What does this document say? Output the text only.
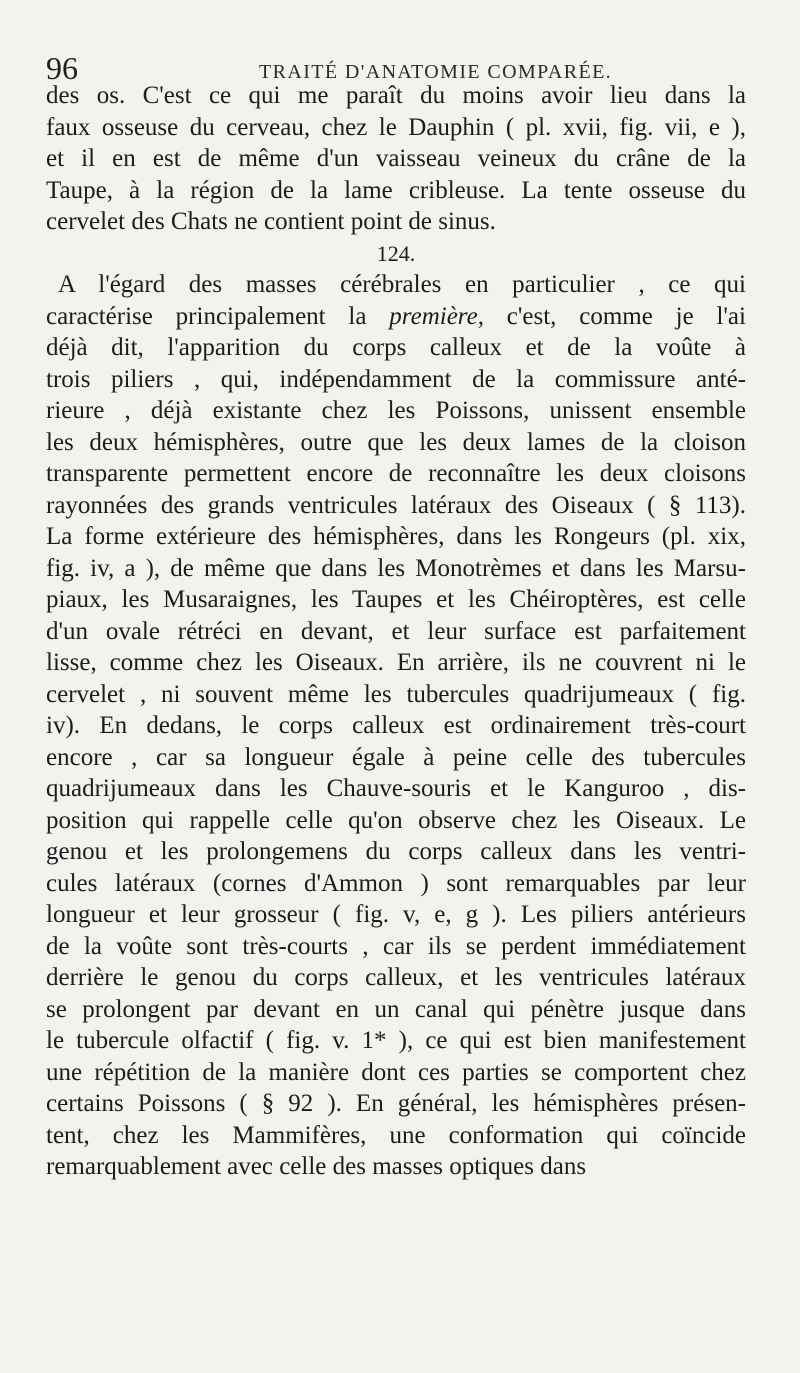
96	TRAITÉ D'ANATOMIE COMPARÉE.
des os. C'est ce qui me paraît du moins avoir lieu dans la
faux osseuse du cerveau, chez le Dauphin ( pl. xvii, fig. vii, e ),
et il en est de même d'un vaisseau veineux du crâne de la
Taupe, à la région de la lame cribleuse. La tente osseuse du
cervelet des Chats ne contient point de sinus.
124.
A l'égard des masses cérébrales en particulier , ce qui
caractérise principalement la première, c'est, comme je l'ai
déjà dit, l'apparition du corps calleux et de la voûte à
trois piliers , qui, indépendamment de la commissure anté-
rieure , déjà existante chez les Poissons, unissent ensemble
les deux hémisphères, outre que les deux lames de la cloison
transparente permettent encore de reconnaître les deux cloisons
rayonnées des grands ventricules latéraux des Oiseaux ( § 113).
La forme extérieure des hémisphères, dans les Rongeurs (pl. xix,
fig. iv, a ), de même que dans les Monotrèmes et dans les Marsu-
piaux, les Musaraignes, les Taupes et les Chéiroptères, est celle
d'un ovale rétréci en devant, et leur surface est parfaitement
lisse, comme chez les Oiseaux. En arrière, ils ne couvrent ni le
cervelet , ni souvent même les tubercules quadrijumeaux ( fig.
iv). En dedans, le corps calleux est ordinairement très-court
encore , car sa longueur égale à peine celle des tubercules
quadrijumeaux dans les Chauve-souris et le Kanguroo , dis-
position qui rappelle celle qu'on observe chez les Oiseaux. Le
genou et les prolongemens du corps calleux dans les ventri-
cules latéraux (cornes d'Ammon ) sont remarquables par leur
longueur et leur grosseur ( fig. v, e, g ). Les piliers antérieurs
de la voûte sont très-courts , car ils se perdent immédiatement
derrière le genou du corps calleux, et les ventricules latéraux
se prolongent par devant en un canal qui pénètre jusque dans
le tubercule olfactif ( fig. v. 1* ), ce qui est bien manifestement
une répétition de la manière dont ces parties se comportent chez
certains Poissons ( § 92 ). En général, les hémisphères présen-
tent, chez les Mammifères, une conformation qui coïncide
remarquablement avec celle des masses optiques dans
